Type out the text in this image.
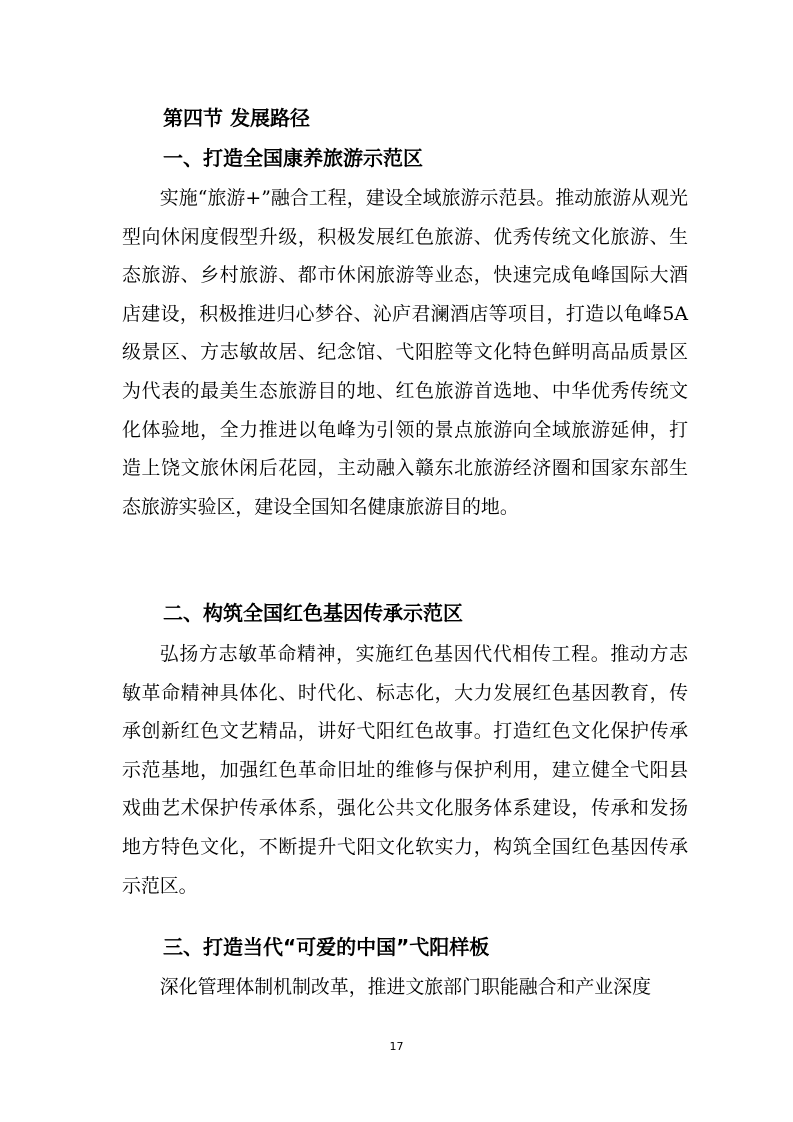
第四节 发展路径
一、打造全国康养旅游示范区
实施“旅游+”融合工程，建设全域旅游示范县。推动旅游从观光型向休闲度假型升级，积极发展红色旅游、优秀传统文化旅游、生态旅游、乡村旅游、都市休闲旅游等业态，快速完成龟峰国际大酒店建设，积极推进归心梦谷、沁庐君澜酒店等项目，打造以龟峰5A 级景区、方志敏故居、纪念馆、弋阳腔等文化特色鲜明高品质景区为代表的最美生态旅游目的地、红色旅游首选地、中华优秀传统文化体验地，全力推进以龟峰为引领的景点旅游向全域旅游延伸，打造上饶文旅休闲后花园，主动融入赣东北旅游经济圈和国家东部生态旅游实验区，建设全国知名健康旅游目的地。
二、构筑全国红色基因传承示范区
弘扬方志敏革命精神，实施红色基因代代相传工程。推动方志敏革命精神具体化、时代化、标志化，大力发展红色基因教育，传承创新红色文艺精品，讲好弋阳红色故事。打造红色文化保护传承示范基地，加强红色革命旧址的维修与保护利用，建立健全弋阳县戏曲艺术保护传承体系，强化公共文化服务体系建设，传承和发扬地方特色文化，不断提升弋阳文化软实力，构筑全国红色基因传承示范区。
三、打造当代“可爱的中国”弋阳样板
深化管理体制机制改革，推进文旅部门职能融合和产业深度
17
